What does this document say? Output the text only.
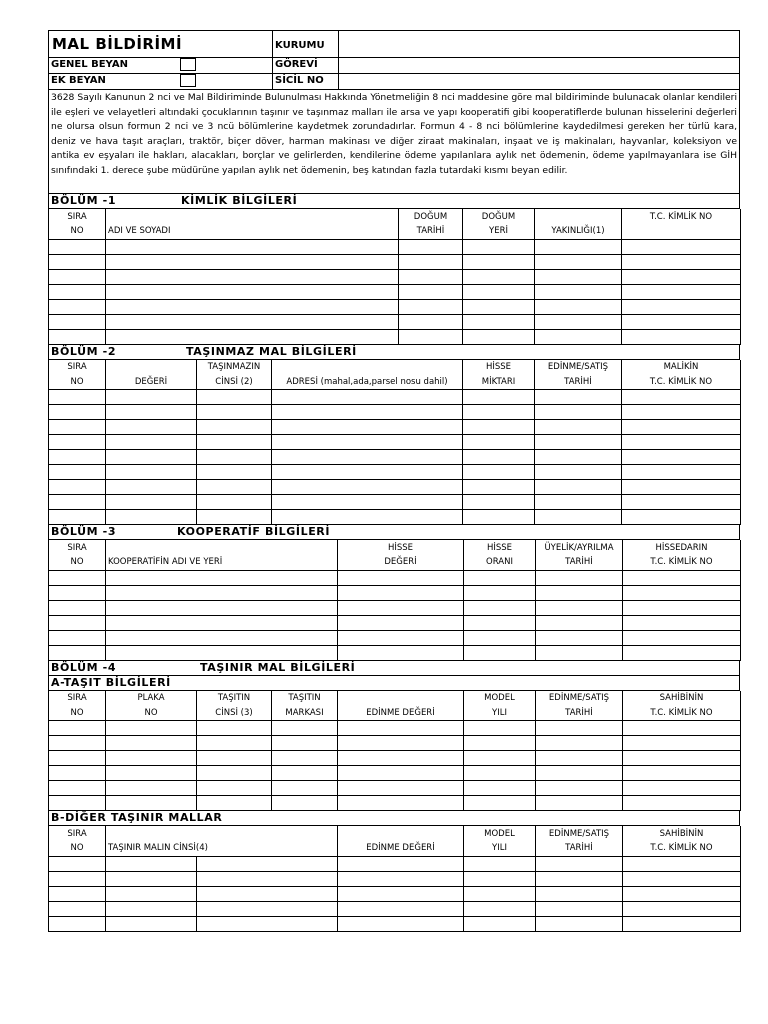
MAL BİLDİRİMİ
GENEL BEYAN
EK BEYAN
KURUMU
GÖREVİ
SİCİL NO
3628 Sayılı Kanunun 2 nci ve Mal Bildiriminde Bulunulması Hakkında Yönetmeliğin 8 nci maddesine göre mal bildiriminde bulunacak olanlar kendileri ile eşleri ve velayetleri altındaki çocuklarının taşınır ve taşınmaz malları ile arsa ve yapı kooperatifi gibi kooperatiflerde bulunan hisselerini değerleri ne olursa olsun formun 2 nci ve 3 ncü bölümlerine kaydetmek zorundadırlar. Formun 4 - 8 nci bölümlerine kaydedilmesi gereken her türlü kara, deniz ve hava taşıt araçları, traktör, biçer döver, harman makinası ve diğer ziraat makinaları, inşaat ve iş makinaları, hayvanlar, koleksiyon ve antika ev eşyaları ile hakları, alacakları, borçlar ve gelirlerden, kendilerine ödeme yapılanlara aylık net ödemenin, ödeme yapılmayanlara ise GİH sınıfındaki 1. derece şube müdürüne yapılan aylık net ödemenin, beş katından fazla tutardaki kısmı beyan edilir.
BÖLÜM -1	KİMLİK BİLGİLERİ
SIRA		DOĞUM	DOĞUM		T.C. KİMLİK NO
NO	ADI VE SOYADI	TARİHİ	YERİ	YAKINLIĞI(1)	

BÖLÜM -2	TAŞINMAZ MAL BİLGİLERİ
SIRA		TAŞINMAZIN		HİSSE	EDİNME/SATIŞ	MALİKİN
NO	DEĞERİ	CİNSİ (2)	ADRESİ (mahal,ada,parsel nosu dahil)	MİKTARI	TARİHİ	T.C. KİMLİK NO

BÖLÜM -3	KOOPERATİF BİLGİLERİ
SIRA		HİSSE	HİSSE	ÜYELİK/AYRILMA	HİSSEDARIN
NO	KOOPERATİFİN ADI VE YERİ	DEĞERİ	ORANI	TARİHİ	T.C. KİMLİK NO

BÖLÜM -4	TAŞINIR MAL BİLGİLERİ
A-TAŞIT BİLGİLERİ
SIRA	PLAKA	TAŞITIN	TAŞITIN		MODEL	EDİNME/SATIŞ	SAHİBİNİN
NO	NO	CİNSİ (3)	MARKASI	EDİNME DEĞERİ	YILI	TARİHİ	T.C. KİMLİK NO

B-DİĞER TAŞINIR MALLAR
SIRA				MODEL	EDİNME/SATIŞ	SAHİBİNİN
NO	TAŞINIR MALIN CİNSİ(4)		EDİNME DEĞERİ	YILI	TARİHİ	T.C. KİMLİK NO
